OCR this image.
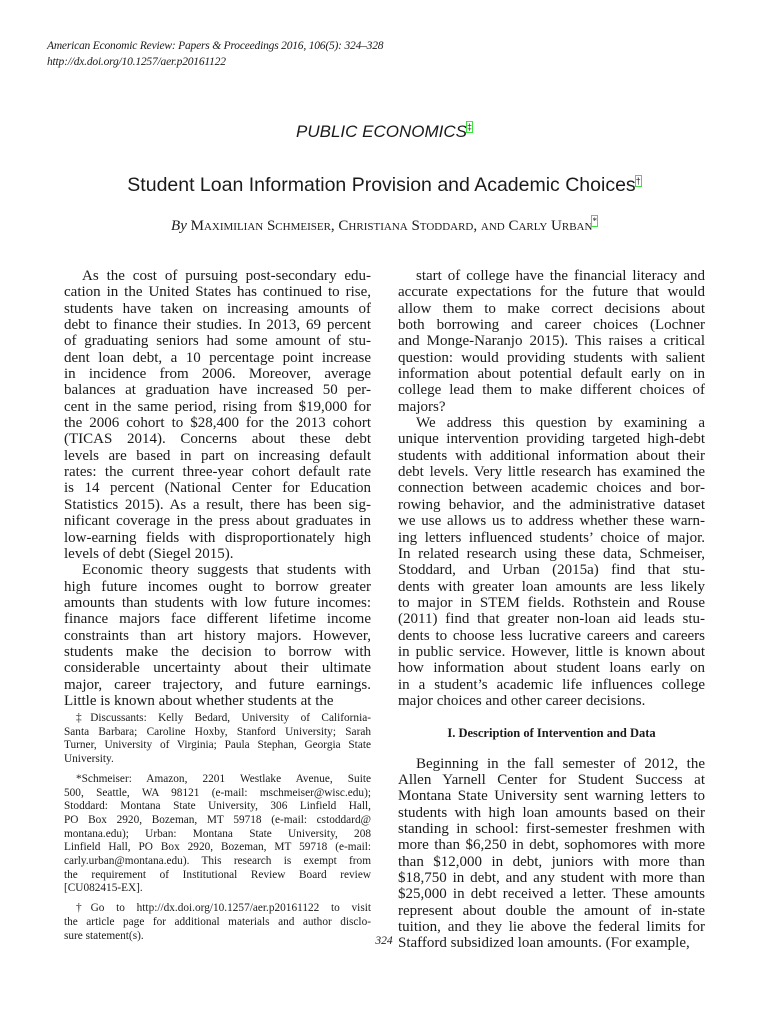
American Economic Review: Papers & Proceedings 2016, 106(5): 324–328
http://dx.doi.org/10.1257/aer.p20161122
PUBLIC ECONOMICS‡
Student Loan Information Provision and Academic Choices†
By Maximilian Schmeiser, Christiana Stoddard, and Carly Urban*
As the cost of pursuing post-secondary edu-
cation in the United States has continued to rise,
students have taken on increasing amounts of
debt to finance their studies. In 2013, 69 percent
of graduating seniors had some amount of stu-
dent loan debt, a 10 percentage point increase
in incidence from 2006. Moreover, average
balances at graduation have increased 50 per-
cent in the same period, rising from $19,000 for
the 2006 cohort to $28,400 for the 2013 cohort
(TICAS 2014). Concerns about these debt
levels are based in part on increasing default
rates: the current three-year cohort default rate
is 14 percent (National Center for Education
Statistics 2015). As a result, there has been sig-
nificant coverage in the press about graduates in
low-earning fields with disproportionately high
levels of debt (Siegel 2015).
Economic theory suggests that students with
high future incomes ought to borrow greater
amounts than students with low future incomes:
finance majors face different lifetime income
constraints than art history majors. However,
students make the decision to borrow with
considerable uncertainty about their ultimate
major, career trajectory, and future earnings.
Little is known about whether students at the
start of college have the financial literacy and
accurate expectations for the future that would
allow them to make correct decisions about
both borrowing and career choices (Lochner
and Monge-Naranjo 2015). This raises a critical
question: would providing students with salient
information about potential default early on in
college lead them to make different choices of
majors?
We address this question by examining a
unique intervention providing targeted high-debt
students with additional information about their
debt levels. Very little research has examined the
connection between academic choices and bor-
rowing behavior, and the administrative dataset
we use allows us to address whether these warn-
ing letters influenced students’ choice of major.
In related research using these data, Schmeiser,
Stoddard, and Urban (2015a) find that stu-
dents with greater loan amounts are less likely
to major in STEM fields. Rothstein and Rouse
(2011) find that greater non-loan aid leads stu-
dents to choose less lucrative careers and careers
in public service. However, little is known about
how information about student loans early on
in a student’s academic life influences college
major choices and other career decisions.
I. Description of Intervention and Data
Beginning in the fall semester of 2012, the
Allen Yarnell Center for Student Success at
Montana State University sent warning letters to
students with high loan amounts based on their
standing in school: first-semester freshmen with
more than $6,250 in debt, sophomores with more
than $12,000 in debt, juniors with more than
$18,750 in debt, and any student with more than
$25,000 in debt received a letter. These amounts
represent about double the amount of in-state
tuition, and they lie above the federal limits for
Stafford subsidized loan amounts. (For example,
‡Discussants: Kelly Bedard, University of California-
Santa Barbara; Caroline Hoxby, Stanford University; Sarah
Turner, University of Virginia; Paula Stephan, Georgia State
University.
*Schmeiser: Amazon, 2201 Westlake Avenue, Suite
500, Seattle, WA 98121 (e-mail: mschmeiser@wisc.edu);
Stoddard: Montana State University, 306 Linfield Hall,
PO Box 2920, Bozeman, MT 59718 (e-mail: cstoddard@
montana.edu); Urban: Montana State University, 208
Linfield Hall, PO Box 2920, Bozeman, MT 59718 (e-mail:
carly.urban@montana.edu). This research is exempt from
the requirement of Institutional Review Board review
[CU082415-EX].
†Go to http://dx.doi.org/10.1257/aer.p20161122 to visit
the article page for additional materials and author disclo-
sure statement(s).	324
